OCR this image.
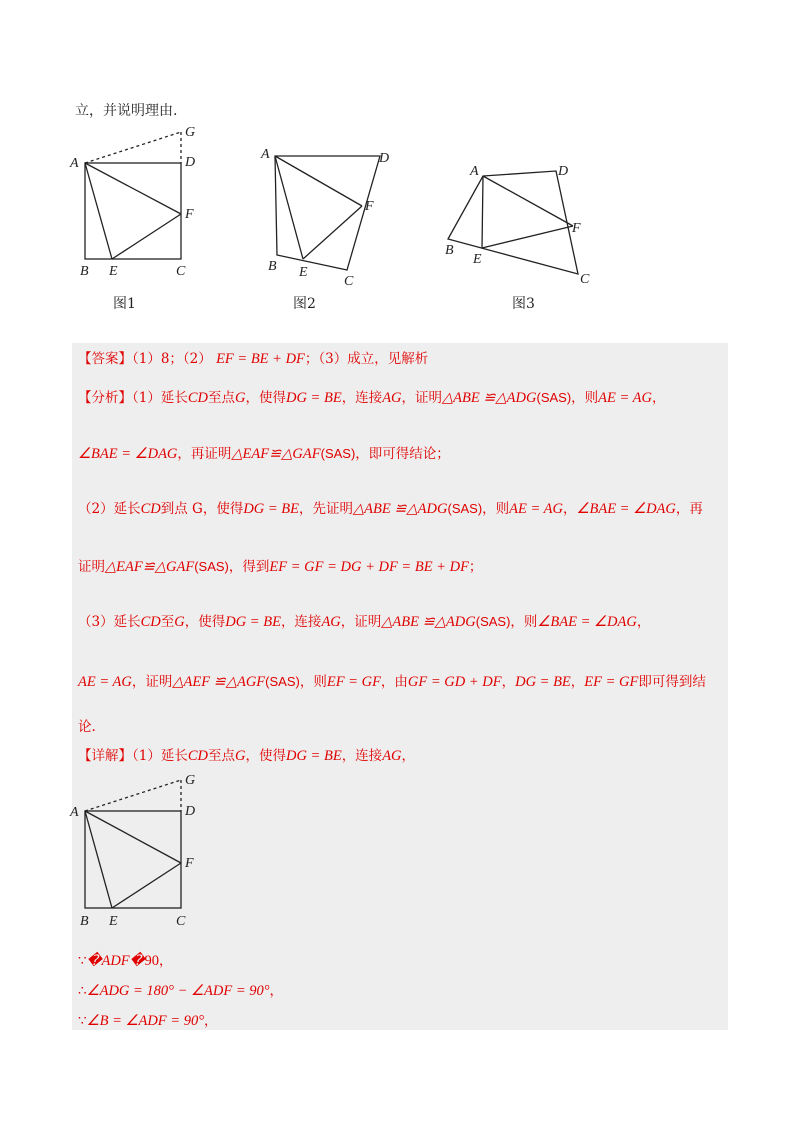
立，并说明理由.
G
A	D
F
B E	C
图1
A	D
F
B E
C
图2
A	D
F
B
E
C
图3
【答案】（1）8；（2） EF = BE + DF；（3）成立，见解析
【分析】（1）延长CD至点G，使得DG = BE，连接AG，证明△ABE ≌△ADG(SAS)，则AE = AG，
∠BAE = ∠DAG，再证明△EAF≌△GAF(SAS)，即可得结论；
（2）延长CD到点 G，使得DG = BE，先证明△ABE ≌△ADG(SAS)，则AE = AG，∠BAE = ∠DAG，再
证明△EAF≌△GAF(SAS)，得到EF = GF = DG + DF = BE + DF；
（3）延长CD至G，使得DG = BE，连接AG，证明△ABE ≌△ADG(SAS)，则∠BAE = ∠DAG，
AE = AG，证明△AEF ≌△AGF(SAS)，则EF = GF，由GF = GD + DF，DG = BE，EF = GF即可得到结
论.
【详解】（1）延长CD至点G，使得DG = BE，连接AG，
G
A	D
F
B E	C
∵�ADF�90，
∴∠ADG = 180° − ∠ADF = 90°，
∵∠B = ∠ADF = 90°，
